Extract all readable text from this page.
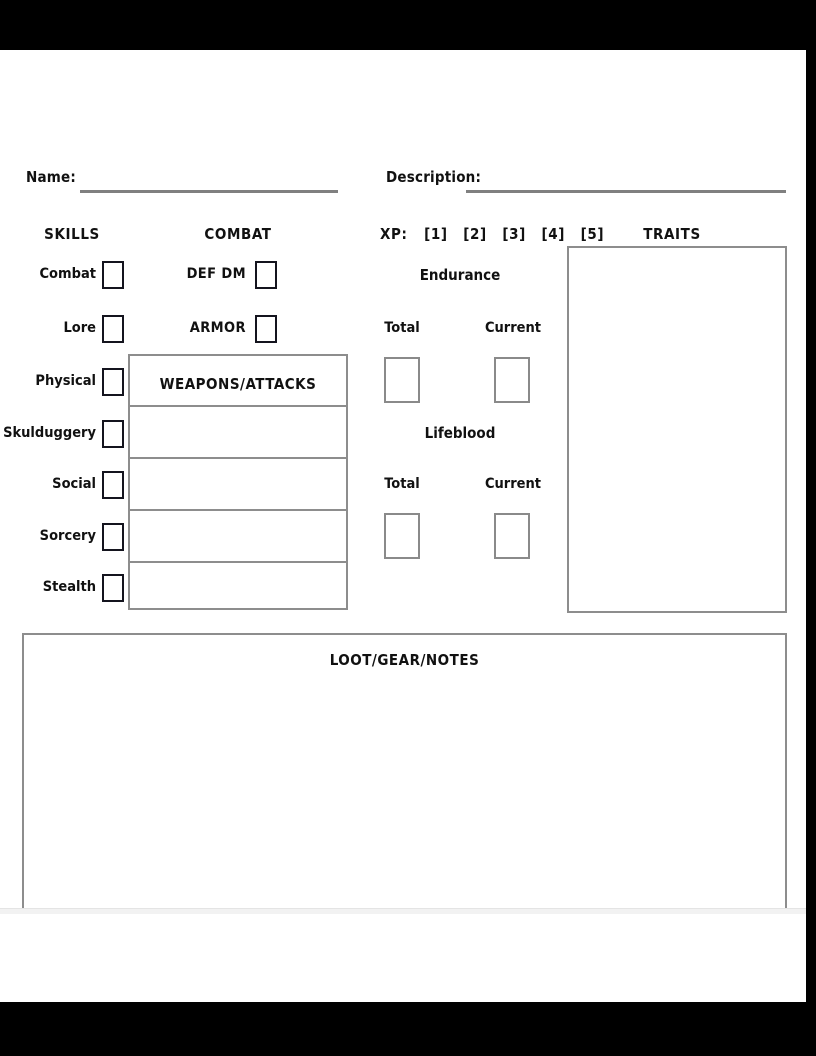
Name:	Description:
SKILLS	COMBAT	TRAITS
Combat
Lore
Physical
Skulduggery
Social
Sorcery
Stealth
DEF DM
ARMOR
WEAPONS/ATTACKS
XP: [1] [2] [3] [4] [5]
Endurance
Total	Current
Lifeblood
Total	Current
LOOT/GEAR/NOTES
